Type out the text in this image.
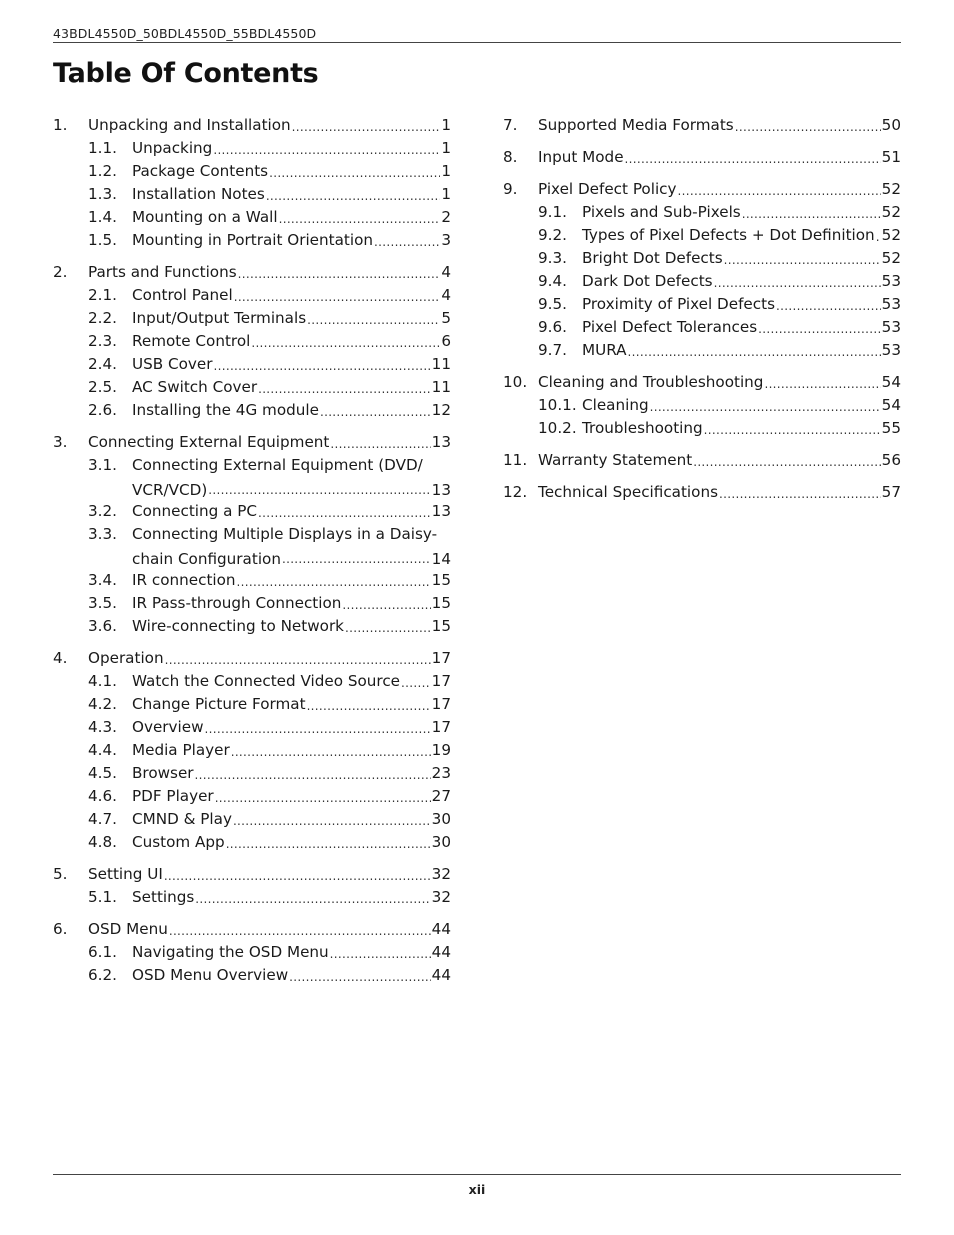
43BDL4550D_50BDL4550D_55BDL4550D
Table Of Contents
1.	Unpacking and Installation .....	1
1.1. Unpacking .....	1
1.2. Package Contents .....	1
1.3. Installation Notes .....	1
1.4. Mounting on a Wall .....	2
1.5. Mounting in Portrait Orientation .....	3
2.	Parts and Functions .....	4
2.1. Control Panel .....	4
2.2. Input/Output Terminals .....	5
2.3. Remote Control .....	6
2.4. USB Cover .....	11
2.5. AC Switch Cover .....	11
2.6. Installing the 4G module .....	12
3.	Connecting External Equipment .....	13
3.1. Connecting External Equipment (DVD/
VCR/VCD) .....	13
3.2. Connecting a PC .....	13
3.3. Connecting Multiple Displays in a Daisy-
chain Configuration .....	14
3.4. IR connection .....	15
3.5. IR Pass-through Connection .....	15
3.6. Wire-connecting to Network .....	15
4.	Operation .....	17
4.1. Watch the Connected Video Source ..... 17
4.2. Change Picture Format .....	17
4.3. Overview .....	17
4.4. Media Player .....	19
4.5. Browser .....	23
4.6. PDF Player .....	27
4.7. CMND & Play .....	30
4.8. Custom App .....	30
5.	Setting UI .....	32
5.1. Settings .....	32
6.	OSD Menu .....	44
6.1. Navigating the OSD Menu .....	44
6.2. OSD Menu Overview .....	44
7.	Supported Media Formats .....	50
8.	Input Mode .....	51
9.	Pixel Defect Policy .....	52
9.1. Pixels and Sub-Pixels .....	52
9.2. Types of Pixel Defects + Dot Definition ..... 52
9.3. Bright Dot Defects .....	52
9.4. Dark Dot Defects .....	53
9.5. Proximity of Pixel Defects .....	53
9.6. Pixel Defect Tolerances .....	53
9.7. MURA .....	53
10. Cleaning and Troubleshooting .....	54
10.1. Cleaning .....	54
10.2. Troubleshooting .....	55
11. Warranty Statement .....	56
12. Technical Specifications .....	57
xii
